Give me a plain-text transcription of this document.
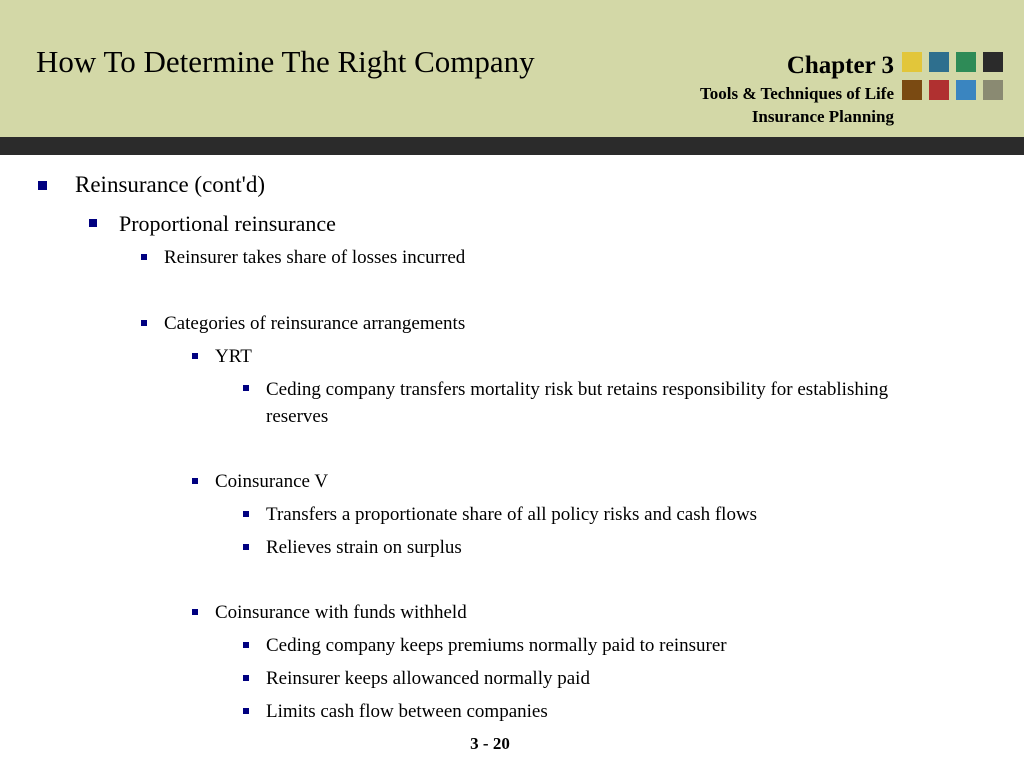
How To Determine The Right Company	Chapter 3
Tools & Techniques of Life
Insurance Planning
Reinsurance (cont'd)
Proportional reinsurance
Reinsurer takes share of losses incurred
Categories of reinsurance arrangements
YRT
Ceding company transfers mortality risk but retains responsibility for establishing reserves
Coinsurance V
Transfers a proportionate share of all policy risks and cash flows
Relieves strain on surplus
Coinsurance with funds withheld
Ceding company keeps premiums normally paid to reinsurer
Reinsurer keeps allowanced normally paid
Limits cash flow between companies
3 - 20
